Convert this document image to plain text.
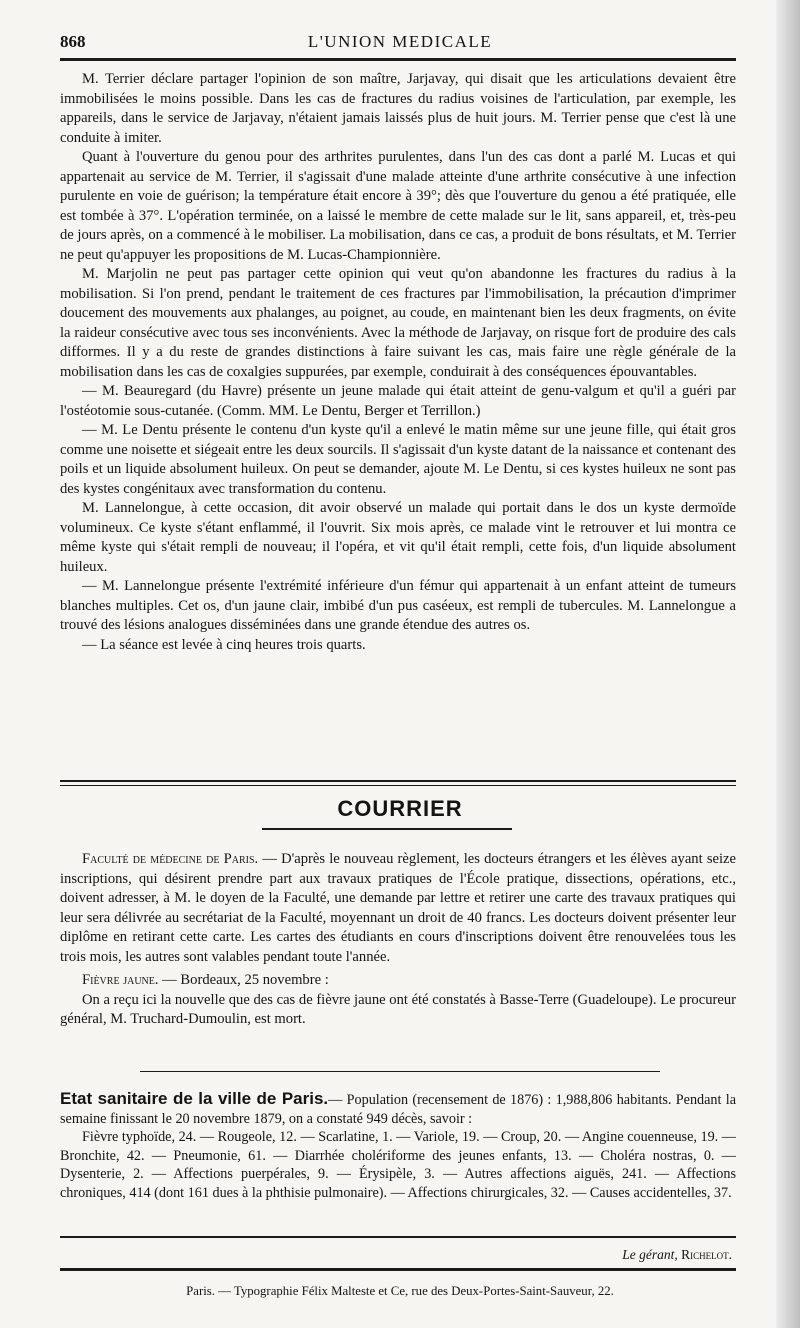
868	L'UNION MEDICALE

M. Terrier déclare partager l'opinion de son maître, Jarjavay, qui disait que les articulations devaient être immobilisées le moins possible. Dans les cas de fractures du radius voisines de l'articulation, par exemple, les appareils, dans le service de Jarjavay, n'étaient jamais laissés plus de huit jours. M. Terrier pense que c'est là une conduite à imiter.

Quant à l'ouverture du genou pour des arthrites purulentes, dans l'un des cas dont a parlé M. Lucas et qui appartenait au service de M. Terrier, il s'agissait d'une malade atteinte d'une arthrite consécutive à une infection purulente en voie de guérison; la température était encore à 39°; dès que l'ouverture du genou a été pratiquée, elle est tombée à 37°. L'opération terminée, on a laissé le membre de cette malade sur le lit, sans appareil, et, très-peu de jours après, on a commencé à le mobiliser. La mobilisation, dans ce cas, a produit de bons résultats, et M. Terrier ne peut qu'appuyer les propositions de M. Lucas-Championnière.

M. Marjolin ne peut pas partager cette opinion qui veut qu'on abandonne les fractures du radius à la mobilisation. Si l'on prend, pendant le traitement de ces fractures par l'immobilisation, la précaution d'imprimer doucement des mouvements aux phalanges, au poignet, au coude, en maintenant bien les deux fragments, on évite la raideur consécutive avec tous ses inconvénients. Avec la méthode de Jarjavay, on risque fort de produire des cals difformes. Il y a du reste de grandes distinctions à faire suivant les cas, mais faire une règle générale de la mobilisation dans les cas de coxalgies suppurées, par exemple, conduirait à des conséquences épouvantables.

— M. Beauregard (du Havre) présente un jeune malade qui était atteint de genu-valgum et qu'il a guéri par l'ostéotomie sous-cutanée. (Comm. MM. Le Dentu, Berger et Terrillon.)

— M. Le Dentu présente le contenu d'un kyste qu'il a enlevé le matin même sur une jeune fille, qui était gros comme une noisette et siégeait entre les deux sourcils. Il s'agissait d'un kyste datant de la naissance et contenant des poils et un liquide absolument huileux. On peut se demander, ajoute M. Le Dentu, si ces kystes huileux ne sont pas des kystes congénitaux avec transformation du contenu.

M. Lannelongue, à cette occasion, dit avoir observé un malade qui portait dans le dos un kyste dermoïde volumineux. Ce kyste s'étant enflammé, il l'ouvrit. Six mois après, ce malade vint le retrouver et lui montra ce même kyste qui s'était rempli de nouveau; il l'opéra, et vit qu'il était rempli, cette fois, d'un liquide absolument huileux.

— M. Lannelongue présente l'extrémité inférieure d'un fémur qui appartenait à un enfant atteint de tumeurs blanches multiples. Cet os, d'un jaune clair, imbibé d'un pus caséeux, est rempli de tubercules. M. Lannelongue a trouvé des lésions analogues disséminées dans une grande étendue des autres os.

— La séance est levée à cinq heures trois quarts.

COURRIER

Faculté de médecine de Paris. — D'après le nouveau règlement, les docteurs étrangers et les élèves ayant seize inscriptions, qui désirent prendre part aux travaux pratiques de l'École pratique, dissections, opérations, etc., doivent adresser, à M. le doyen de la Faculté, une demande par lettre et retirer une carte des travaux pratiques qui leur sera délivrée au secrétariat de la Faculté, moyennant un droit de 40 francs. Les docteurs doivent présenter leur diplôme en retirant cette carte. Les cartes des étudiants en cours d'inscriptions doivent être renouvelées tous les trois mois, les autres sont valables pendant toute l'année.

Fièvre jaune. — Bordeaux, 25 novembre :

On a reçu ici la nouvelle que des cas de fièvre jaune ont été constatés à Basse-Terre (Guadeloupe). Le procureur général, M. Truchard-Dumoulin, est mort.

Etat sanitaire de la ville de Paris.— Population (recensement de 1876) : 1,988,806 habitants. Pendant la semaine finissant le 20 novembre 1879, on a constaté 949 décès, savoir :

Fièvre typhoïde, 24. — Rougeole, 12. — Scarlatine, 1. — Variole, 19. — Croup, 20. — Angine couenneuse, 19. — Bronchite, 42. — Pneumonie, 61. — Diarrhée cholériforme des jeunes enfants, 13. — Choléra nostras, 0. — Dysenterie, 2. — Affections puerpérales, 9. — Érysipèle, 3. — Autres affections aiguës, 241. — Affections chroniques, 414 (dont 161 dues à la phthisie pulmonaire). — Affections chirurgicales, 32. — Causes accidentelles, 37.

Le gérant, Richelot.
Paris. — Typographie Félix Malteste et Ce, rue des Deux-Portes-Saint-Sauveur, 22.
